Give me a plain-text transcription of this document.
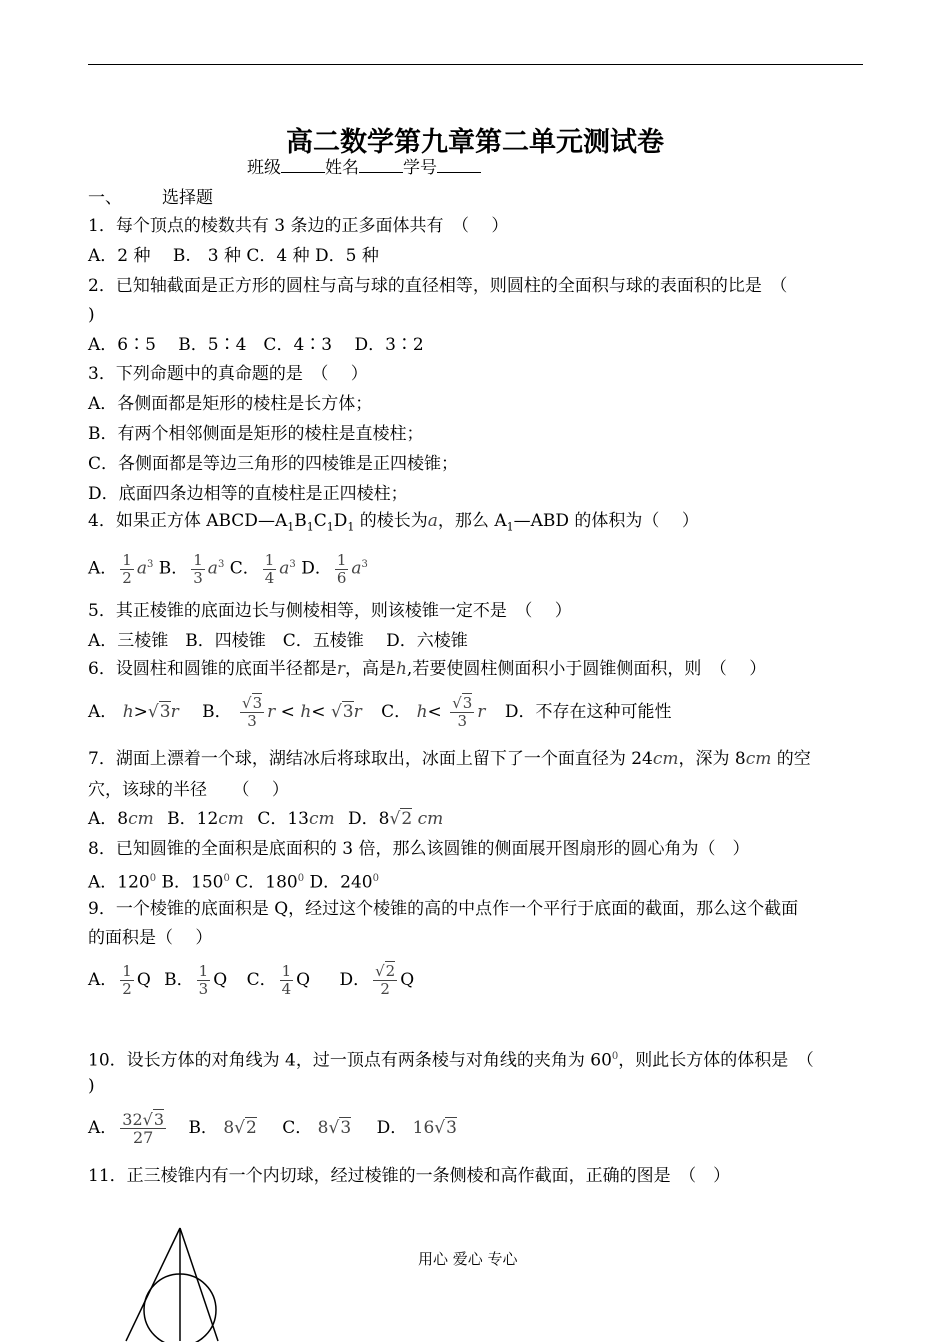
高二数学第九章第二单元测试卷
班级	姓名	学号
一、 选择题
1．每个顶点的棱数共有 3 条边的正多面体共有　（　 ）
A．2 种　 B.　3 种 C．4 种 D．5 种
2．已知轴截面是正方形的圆柱与高与球的直径相等，则圆柱的全面积与球的表面积的比是　（
)
A．6∶5　 B．5∶4　C．4∶3　 D．3∶2
3．下列命题中的真命题的是　（　 ）
A．各侧面都是矩形的棱柱是长方体；
B．有两个相邻侧面是矩形的棱柱是直棱柱；
C．各侧面都是等边三角形的四棱锥是正四棱锥；
D．底面四条边相等的直棱柱是正四棱柱；
4．如果正方体 $ABCD—A_1B_1C_1D_1$ 的棱长为a，那么 $A_1—ABD$ 的体积为（　 ）
A． $\frac{1}{2} a^3$ B． $\frac{1}{3} a^3$ C． $\frac{1}{4} a^3$ D． $\frac{1}{6} a^3$
5．其正棱锥的底面边长与侧棱相等，则该棱锥一定不是　（　 ）
A．三棱锥　B．四棱锥　C．五棱锥　 D．六棱锥
6．设圆柱和圆锥的底面半径都是r，高是h,若要使圆柱侧面积小于圆锥侧面积，则　（　 ）
A． h>√3r B． $\frac{√3}{3}$ r < h< √3r C． $h< \frac{√3}{3}$ r D．不存在这种可能性
7．湖面上漂着一个球，湖结冰后将球取出，冰面上留下了一个面直径为 24cm，深为 8cm 的空
穴，该球的半径　　（　 ）
A．8cm B．12cm C．13cm D．8√2 cm
8．已知圆锥的全面积是底面积的 3 倍，那么该圆锥的侧面展开图扇形的圆心角为（　）
A．$120^0$ B．$150^0$ C．$180^0$ D．$240^0$
9．一个棱锥的底面积是 Q，经过这个棱锥的高的中点作一个平行于底面的截面，那么这个截面
的面积是（　 ）
A． $\frac{1}{2}$ Q B． $\frac{1}{3}$ Q C． $\frac{1}{4}$ Q D． $\frac{√2}{2}$ Q
10．设长方体的对角线为 4，过一顶点有两条棱与对角线的夹角为 $60^0$，则此长方体的体积是　（
)
A． $\frac{32√3}{27}$ B． 8√2 C． 8√3 D． 16√3
11．正三棱锥内有一个内切球，经过棱锥的一条侧棱和高作截面，正确的图是　（　）
用心 爱心 专心
